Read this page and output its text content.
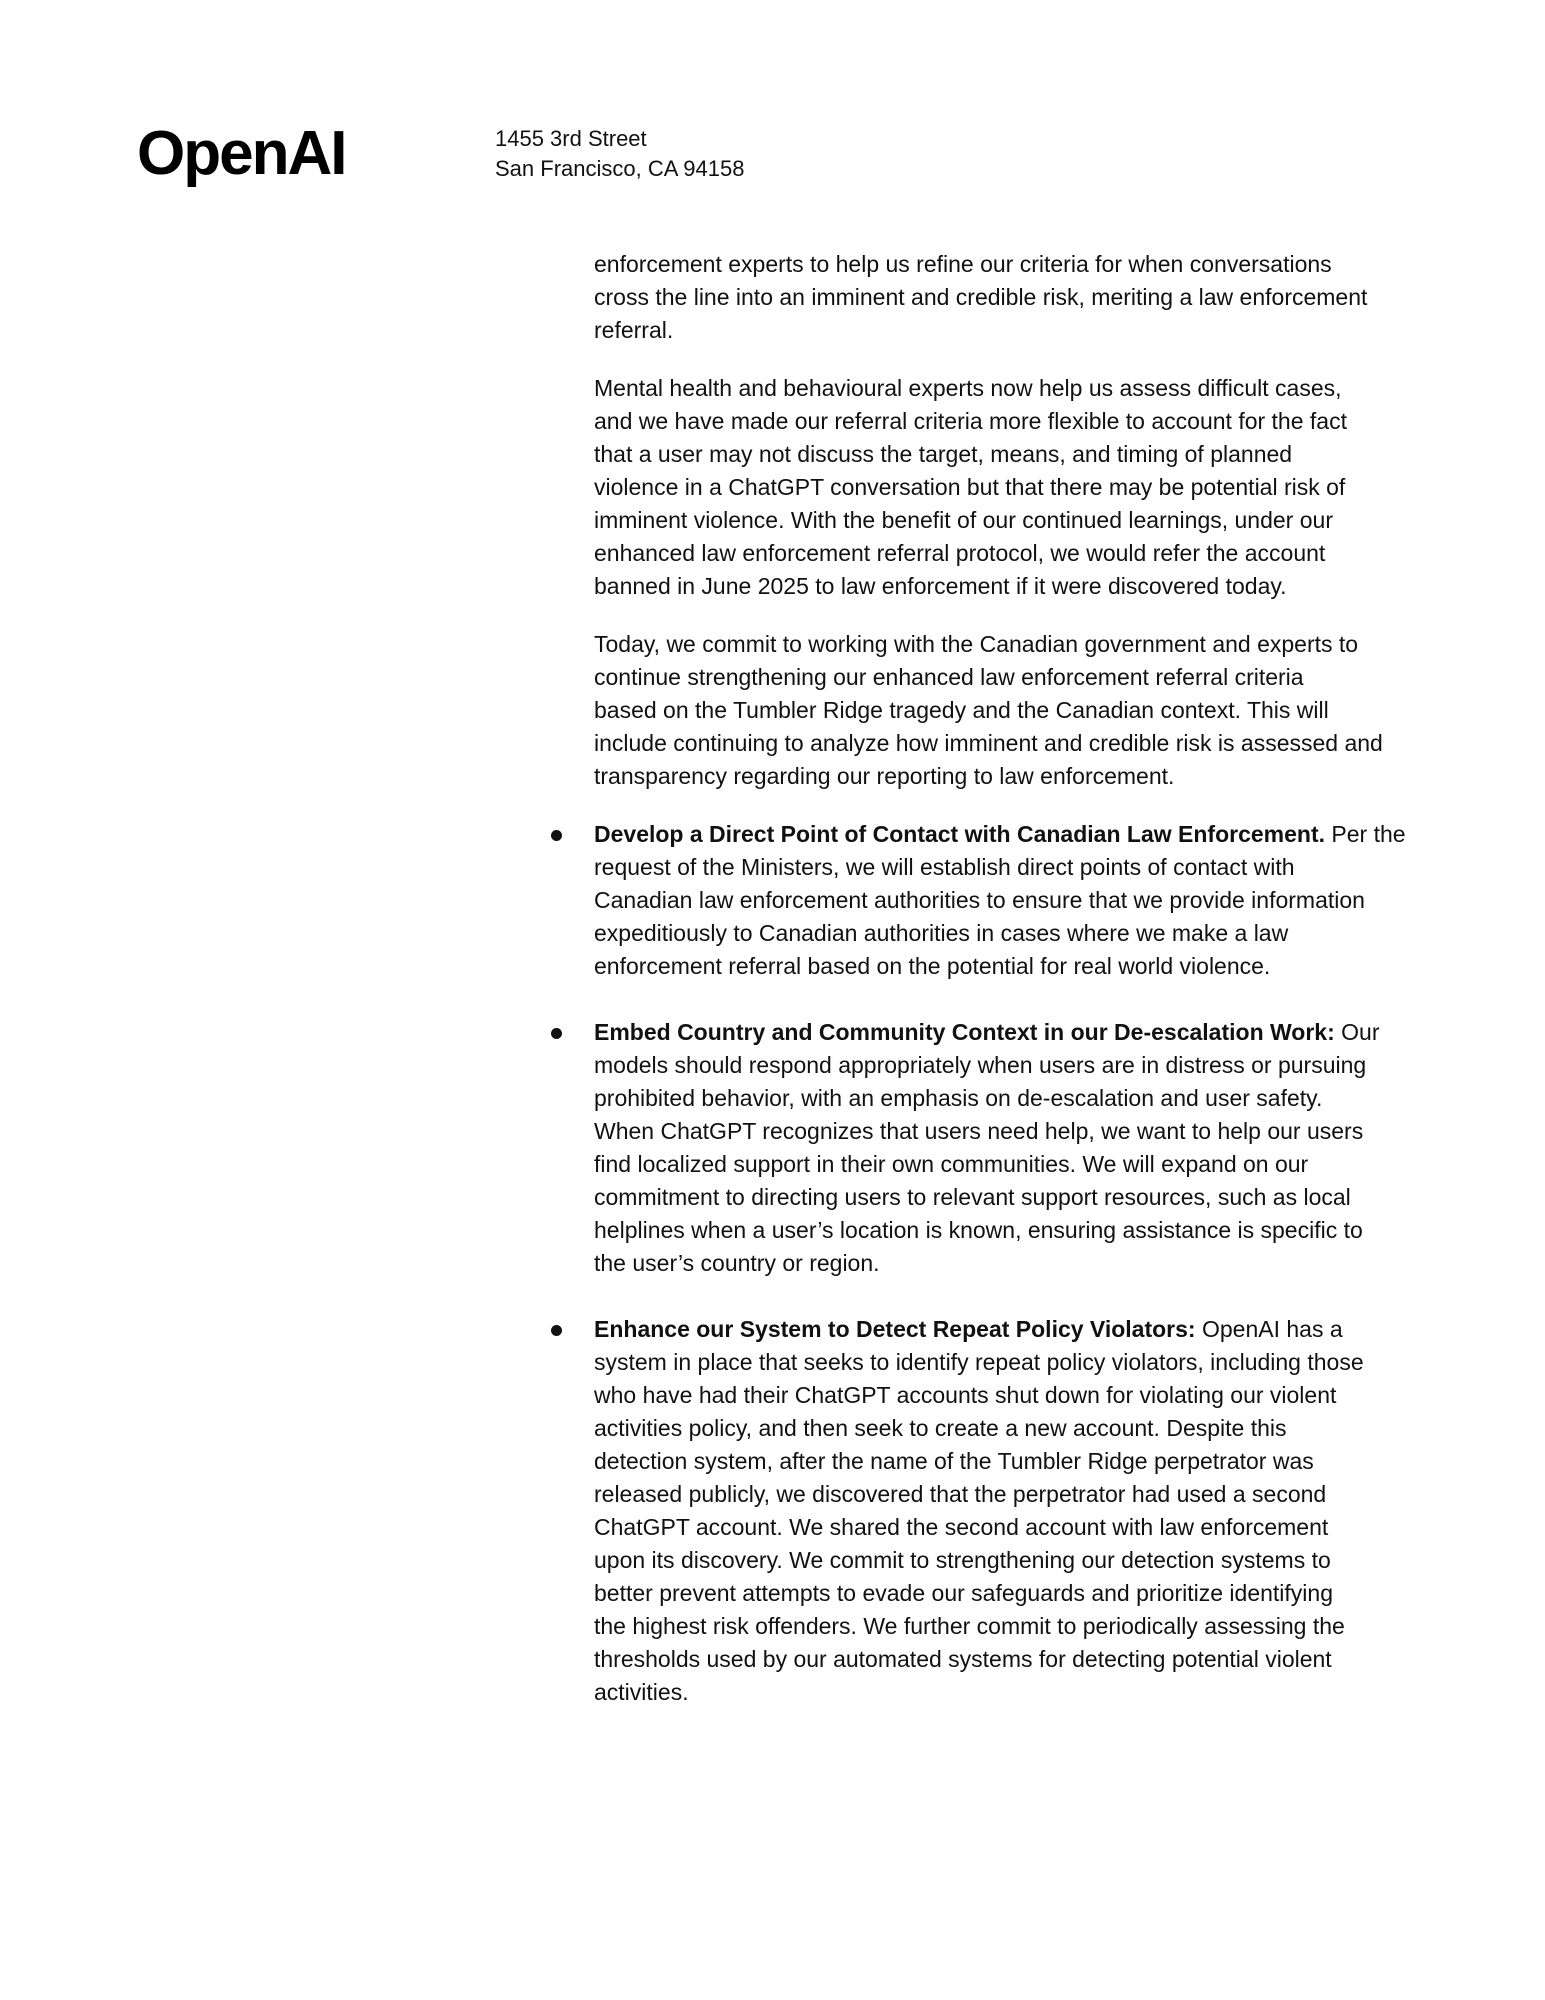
OpenAI	1455 3rd Street
San Francisco, CA 94158
enforcement experts to help us refine our criteria for when conversations
cross the line into an imminent and credible risk, meriting a law enforcement
referral.
Mental health and behavioural experts now help us assess difficult cases,
and we have made our referral criteria more flexible to account for the fact
that a user may not discuss the target, means, and timing of planned
violence in a ChatGPT conversation but that there may be potential risk of
imminent violence. With the benefit of our continued learnings, under our
enhanced law enforcement referral protocol, we would refer the account
banned in June 2025 to law enforcement if it were discovered today.
Today, we commit to working with the Canadian government and experts to
continue strengthening our enhanced law enforcement referral criteria
based on the Tumbler Ridge tragedy and the Canadian context. This will
include continuing to analyze how imminent and credible risk is assessed and
transparency regarding our reporting to law enforcement.
Develop a Direct Point of Contact with Canadian Law Enforcement. Per the
request of the Ministers, we will establish direct points of contact with
Canadian law enforcement authorities to ensure that we provide information
expeditiously to Canadian authorities in cases where we make a law
enforcement referral based on the potential for real world violence.
Embed Country and Community Context in our De-escalation Work: Our
models should respond appropriately when users are in distress or pursuing
prohibited behavior, with an emphasis on de-escalation and user safety.
When ChatGPT recognizes that users need help, we want to help our users
find localized support in their own communities. We will expand on our
commitment to directing users to relevant support resources, such as local
helplines when a user’s location is known, ensuring assistance is specific to
the user’s country or region.
Enhance our System to Detect Repeat Policy Violators: OpenAI has a
system in place that seeks to identify repeat policy violators, including those
who have had their ChatGPT accounts shut down for violating our violent
activities policy, and then seek to create a new account. Despite this
detection system, after the name of the Tumbler Ridge perpetrator was
released publicly, we discovered that the perpetrator had used a second
ChatGPT account. We shared the second account with law enforcement
upon its discovery. We commit to strengthening our detection systems to
better prevent attempts to evade our safeguards and prioritize identifying
the highest risk offenders. We further commit to periodically assessing the
thresholds used by our automated systems for detecting potential violent
activities.
